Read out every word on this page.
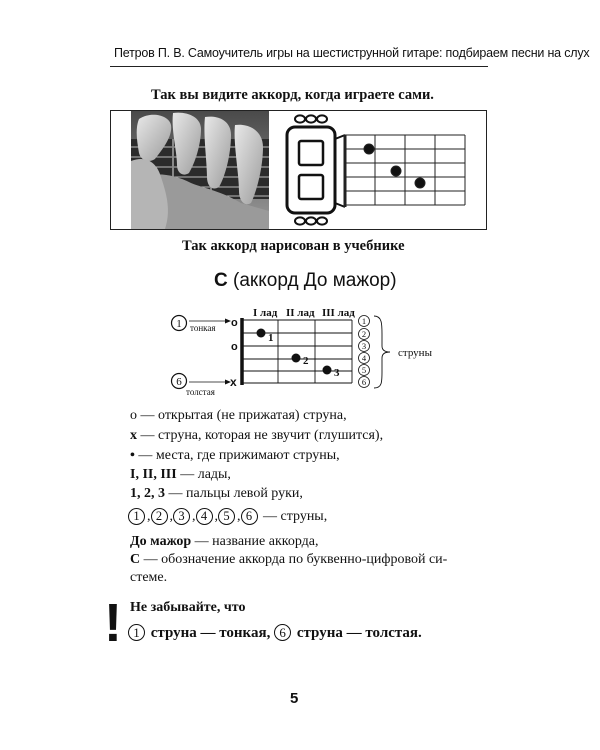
Петров П. В. Самоучитель игры на шестиструнной гитаре: подбираем песни на слух
Так вы видите аккорд, когда играете сами.
Так аккорд нарисован в учебнике
С (аккорд До мажор)
I лад II лад III лад
1 тонкая
6
толстая
о
о
x
1
2
3
1
2
3
4
5
6
струны
о — открытая (не прижатая) струна,
х — струна, которая не звучит (глушится),
• — места, где прижимают струны,
I, II, III — лады,
1, 2, 3 — пальцы левой руки,
1 , 2 , 3 , 4 , 5 , 6 — струны,
До мажор — название аккорда,
С — обозначение аккорда по буквенно-цифровой си-
стеме.
! Не забывайте, что
1 струна — тонкая, 6 струна — толстая.
5
